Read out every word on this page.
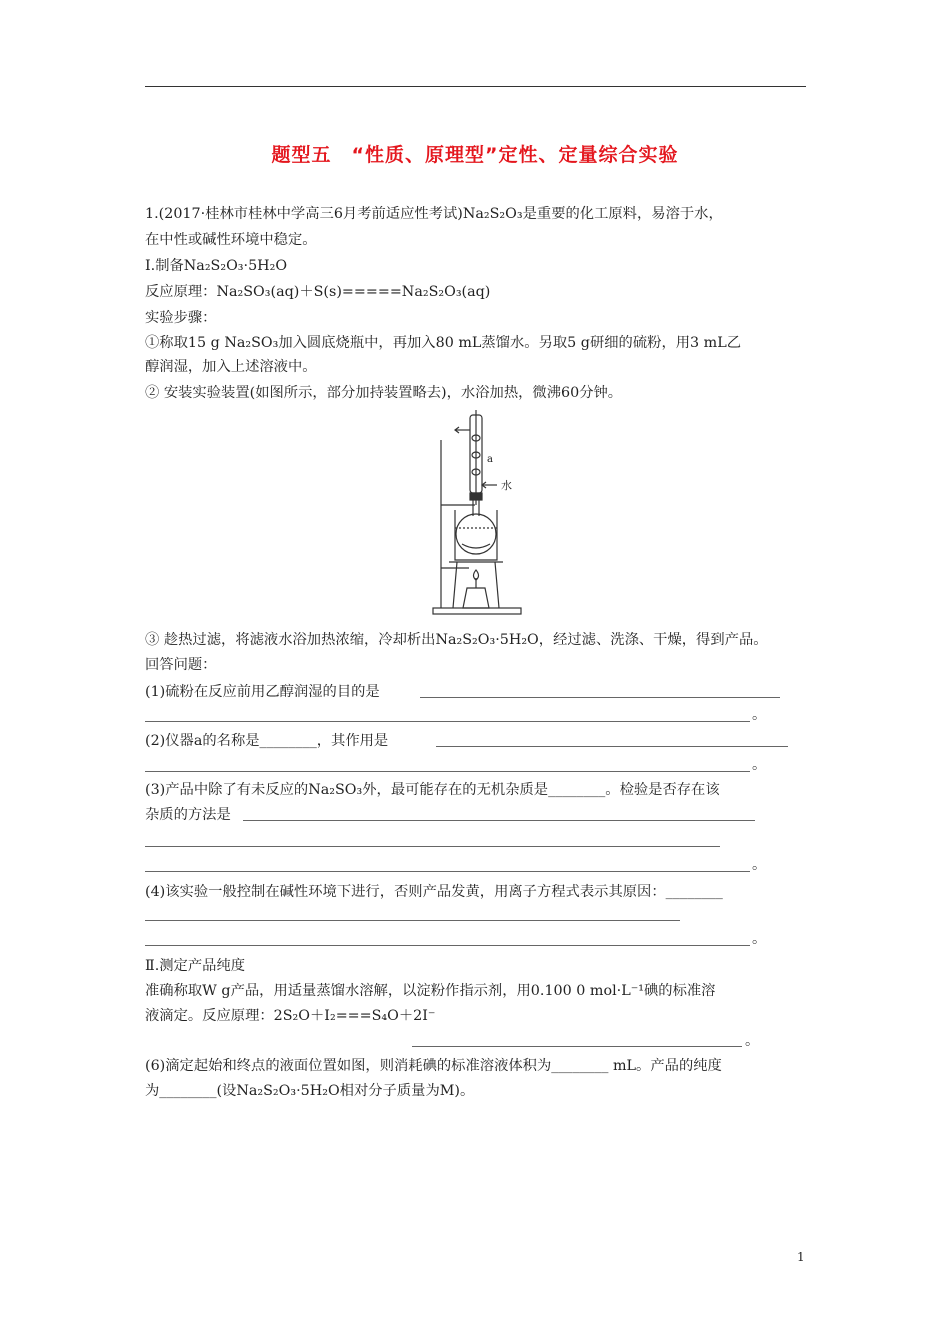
题型五　“性质、原理型”定性、定量综合实验
1.(2017·桂林市桂林中学高三6月考前适应性考试)Na₂S₂O₃是重要的化工原料，易溶于水，
在中性或碱性环境中稳定。
Ⅰ.制备Na₂S₂O₃·5H₂O
反应原理：Na₂SO₃(aq)＋S(s)=====Na₂S₂O₃(aq)
实验步骤：
①称取15 g Na₂SO₃加入圆底烧瓶中，再加入80 mL蒸馏水。另取5 g研细的硫粉，用3 mL乙
醇润湿，加入上述溶液中。
② 安装实验装置(如图所示，部分加持装置略去)，水浴加热，微沸60分钟。
a
水
③ 趁热过滤，将滤液水浴加热浓缩，冷却析出Na₂S₂O₃·5H₂O，经过滤、洗涤、干燥，得到产品。
回答问题：
(1)硫粉在反应前用乙醇润湿的目的是
。
(2)仪器a的名称是________，其作用是
。
(3)产品中除了有未反应的Na₂SO₃外，最可能存在的无机杂质是________。检验是否存在该
杂质的方法是
。
(4)该实验一般控制在碱性环境下进行，否则产品发黄，用离子方程式表示其原因：________
。
Ⅱ.测定产品纯度
准确称取W g产品，用适量蒸馏水溶解，以淀粉作指示剂，用0.100 0 mol·L⁻¹碘的标准溶
液滴定。反应原理：2S₂O＋I₂===S₄O＋2I⁻
。
(6)滴定起始和终点的液面位置如图，则消耗碘的标准溶液体积为________ mL。产品的纯度
为________(设Na₂S₂O₃·5H₂O相对分子质量为M)。
1
